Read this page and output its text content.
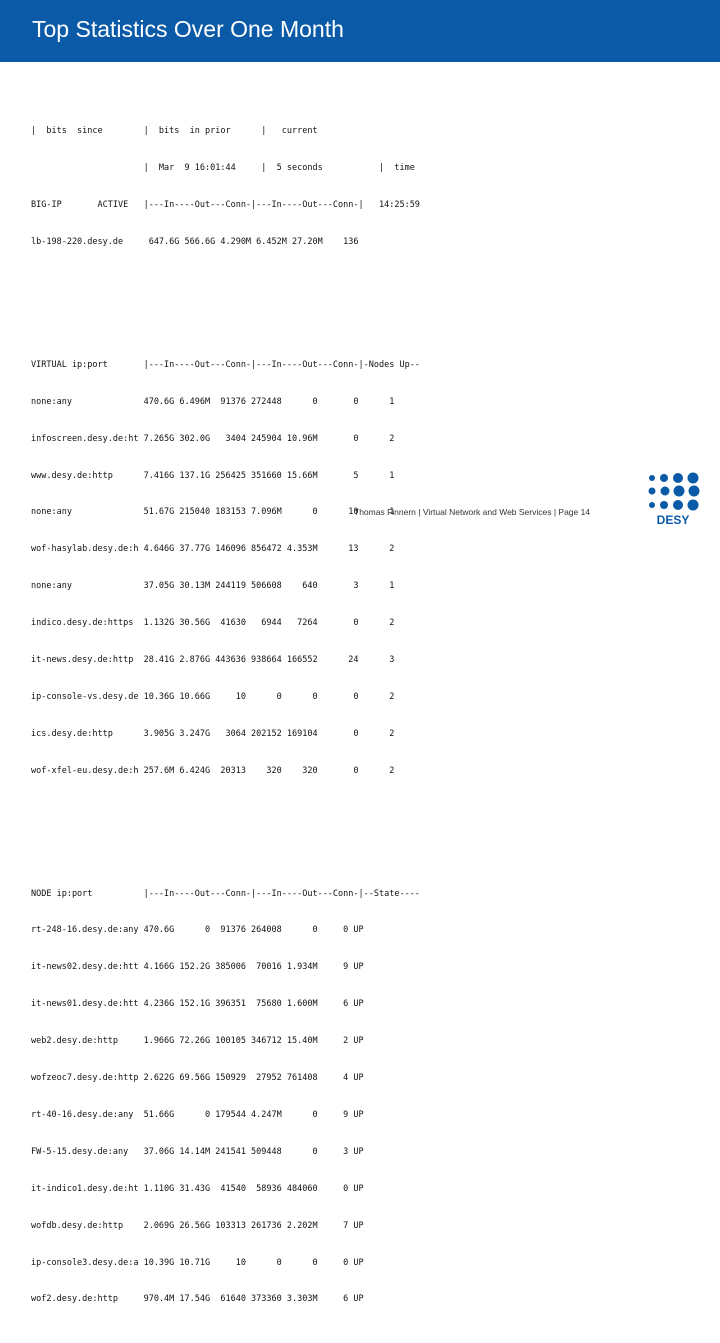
Top Statistics Over One Month

|  bits  since        |  bits  in prior      |   current

|  Mar  9 16:01:44     |  5 seconds           |  time

BIG-IP       ACTIVE   |---In----Out---Conn-|---In----Out---Conn-|   14:25:59

lb-198-220.desy.de     647.6G 566.6G 4.290M 6.452M 27.20M    136

VIRTUAL ip:port       |---In----Out---Conn-|---In----Out---Conn-|-Nodes Up--

none:any              470.6G 6.496M  91376 272448      0       0      1

infoscreen.desy.de:ht 7.265G 302.0G   3404 245904 10.96M       0      2

www.desy.de:http      7.416G 137.1G 256425 351660 15.66M       5      1

none:any              51.67G 215040 183153 7.096M      0      10      1

wof-hasylab.desy.de:h 4.646G 37.77G 146096 856472 4.353M      13      2

none:any              37.05G 30.13M 244119 506608    640       3      1

indico.desy.de:https  1.132G 30.56G  41630   6944   7264       0      2

it-news.desy.de:http  28.41G 2.876G 443636 938664 166552      24      3

ip-console-vs.desy.de 10.36G 10.66G     10      0      0       0      2

ics.desy.de:http      3.905G 3.247G   3064 202152 169104       0      2

wof-xfel-eu.desy.de:h 257.6M 6.424G  20313    320    320       0      2

NODE ip:port          |---In----Out---Conn-|---In----Out---Conn-|--State----

rt-248-16.desy.de:any 470.6G      0  91376 264008      0     0 UP

it-news02.desy.de:htt 4.166G 152.2G 385006  70016 1.934M     9 UP

it-news01.desy.de:htt 4.236G 152.1G 396351  75680 1.600M     6 UP

web2.desy.de:http     1.966G 72.26G 100105 346712 15.40M     2 UP

wofzeoc7.desy.de:http 2.622G 69.56G 150929  27952 761408     4 UP

rt-40-16.desy.de:any  51.66G      0 179544 4.247M      0     9 UP

FW-5-15.desy.de:any   37.06G 14.14M 241541 509448      0     3 UP

it-indico1.desy.de:ht 1.110G 31.43G  41540  58936 484060     0 UP

wofdb.desy.de:http    2.069G 26.56G 103313 261736 2.202M     7 UP

ip-console3.desy.de:a 10.39G 10.71G     10      0      0     0 UP

wof2.desy.de:http     970.4M 17.54G  61640 373360 3.303M     6 UP

Thomas Finnern | Virtual Network and Web Services | Page 14
DESY
